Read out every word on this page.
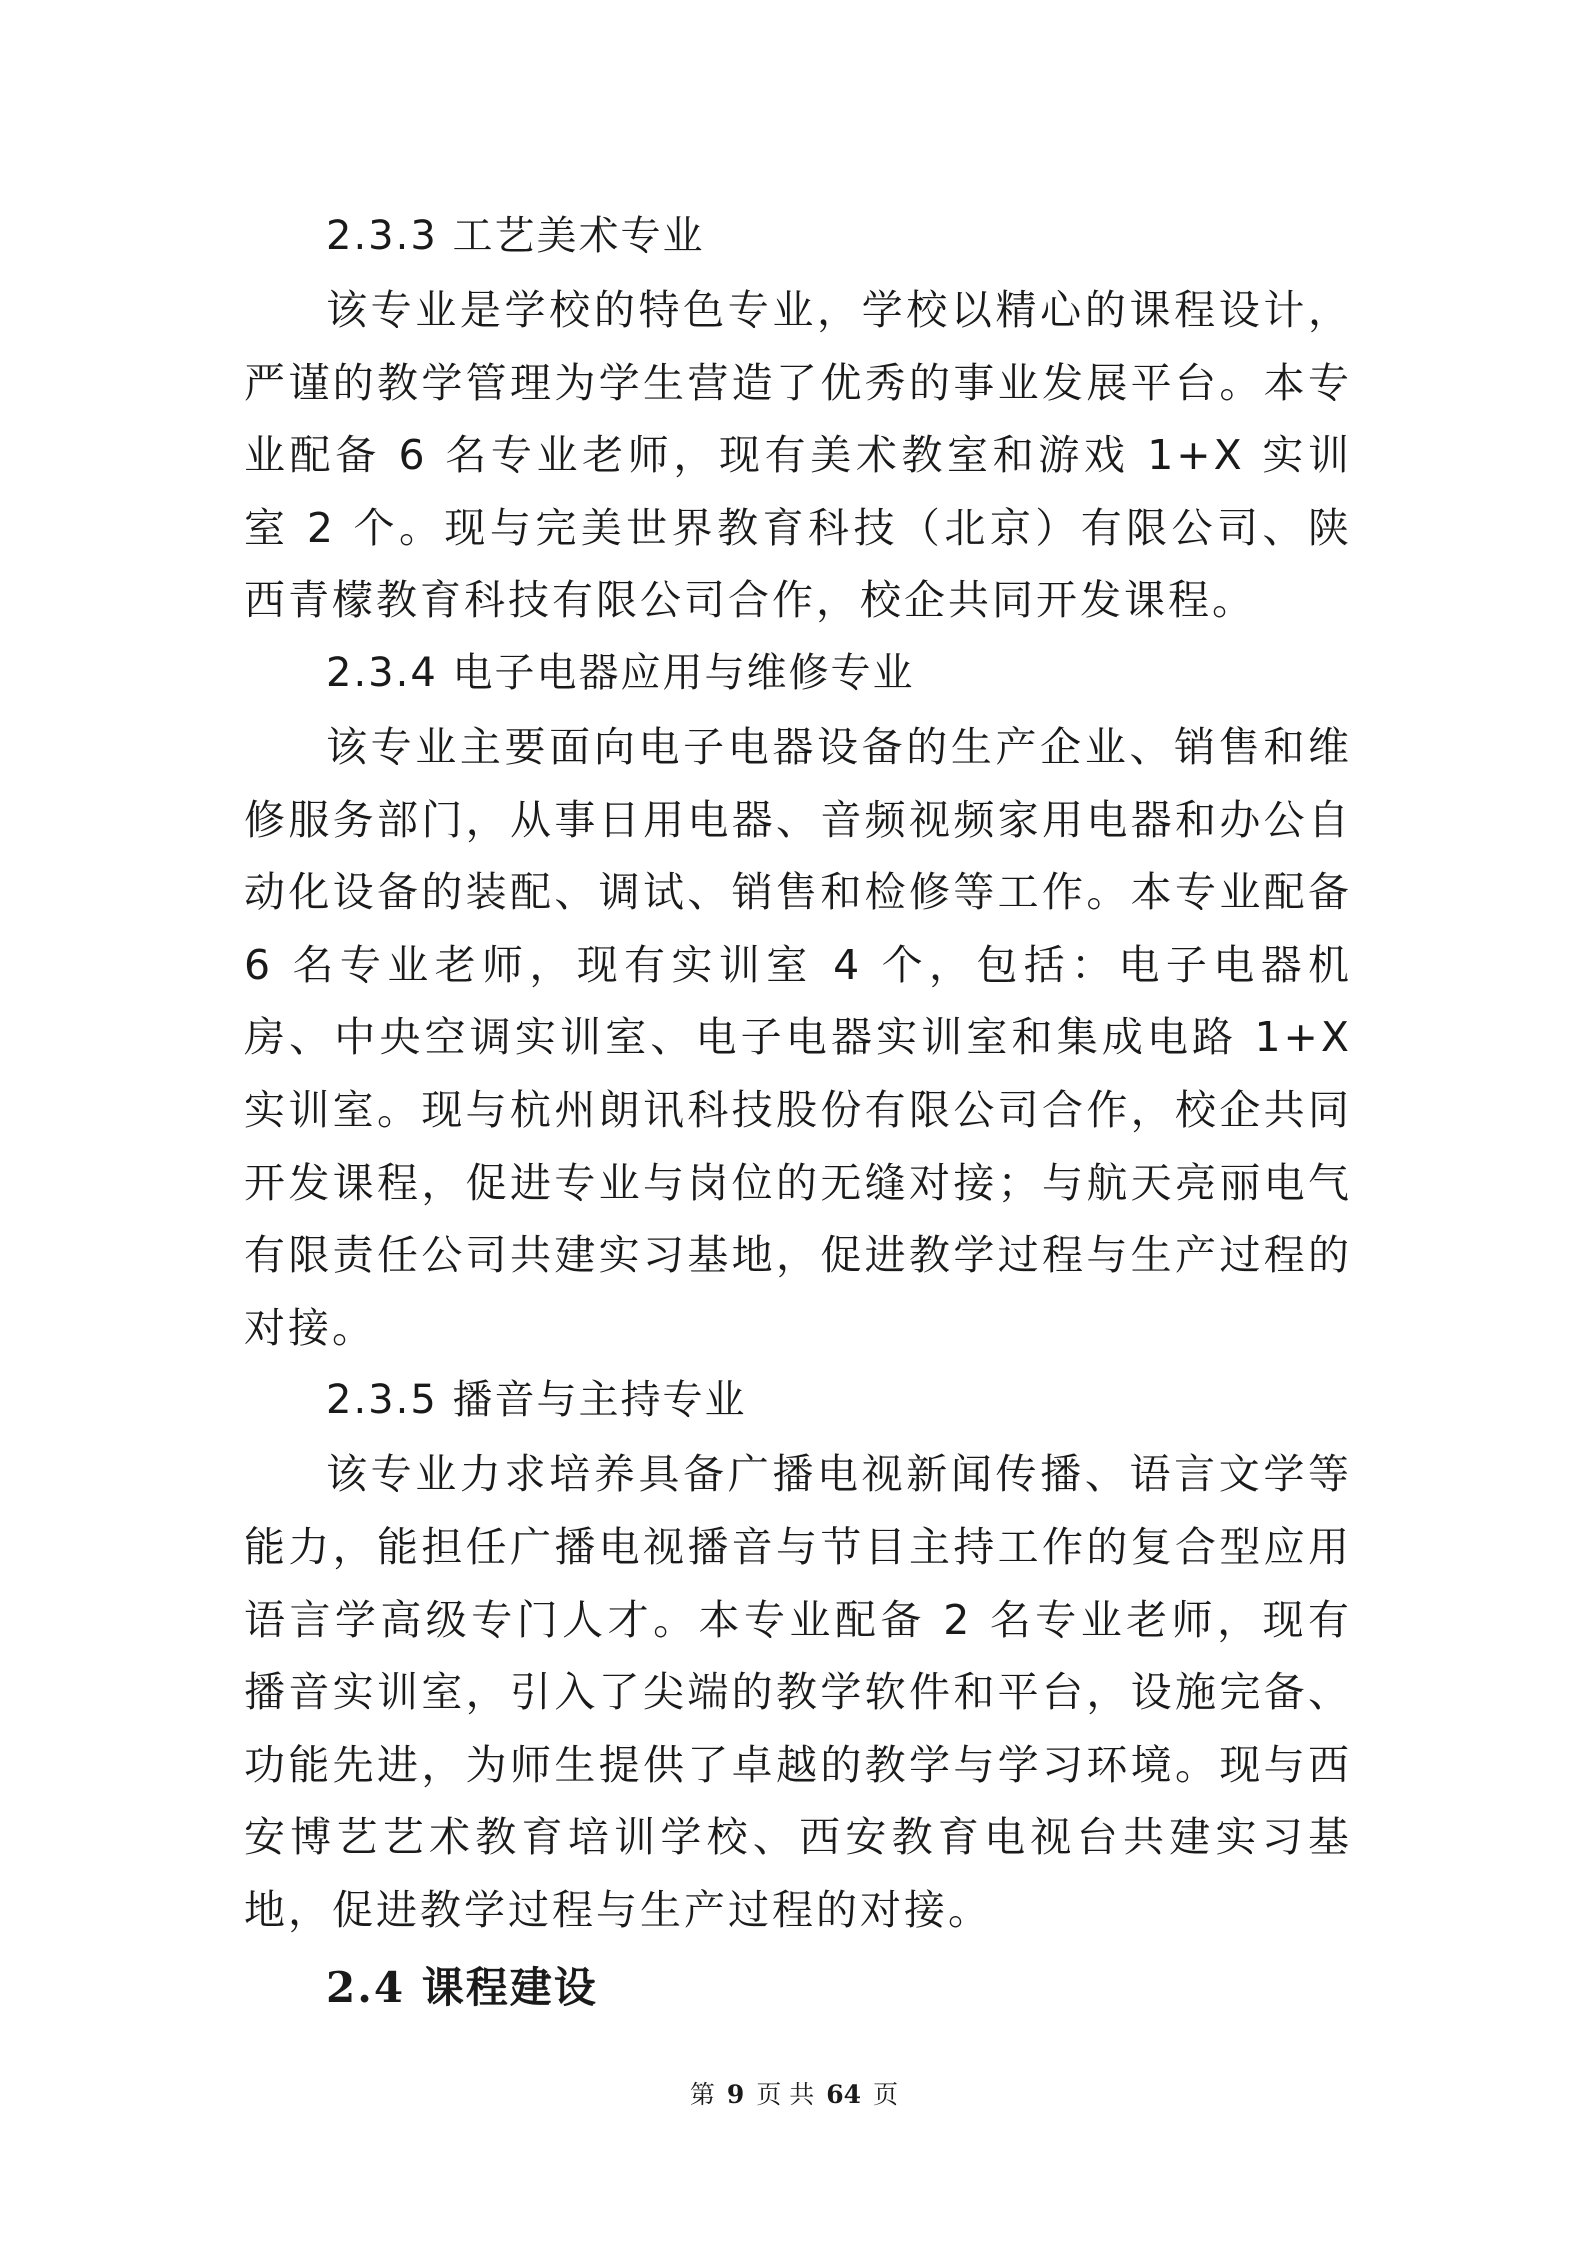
2.3.3 工艺美术专业

该专业是学校的特色专业，学校以精心的课程设计，严谨的教学管理为学生营造了优秀的事业发展平台。本专业配备 6 名专业老师，现有美术教室和游戏 1+X 实训室 2 个。现与完美世界教育科技（北京）有限公司、陕西青檬教育科技有限公司合作，校企共同开发课程。

2.3.4 电子电器应用与维修专业

该专业主要面向电子电器设备的生产企业、销售和维修服务部门，从事日用电器、音频视频家用电器和办公自动化设备的装配、调试、销售和检修等工作。本专业配备 6 名专业老师，现有实训室 4 个，包括：电子电器机房、中央空调实训室、电子电器实训室和集成电路 1+X 实训室。现与杭州朗讯科技股份有限公司合作，校企共同开发课程，促进专业与岗位的无缝对接；与航天亮丽电气有限责任公司共建实习基地，促进教学过程与生产过程的对接。

2.3.5 播音与主持专业

该专业力求培养具备广播电视新闻传播、语言文学等能力，能担任广播电视播音与节目主持工作的复合型应用语言学高级专门人才。本专业配备 2 名专业老师，现有播音实训室，引入了尖端的教学软件和平台，设施完备、功能先进，为师生提供了卓越的教学与学习环境。现与西安博艺艺术教育培训学校、西安教育电视台共建实习基地，促进教学过程与生产过程的对接。

2.4 课程建设
第 9 页 共 64 页
